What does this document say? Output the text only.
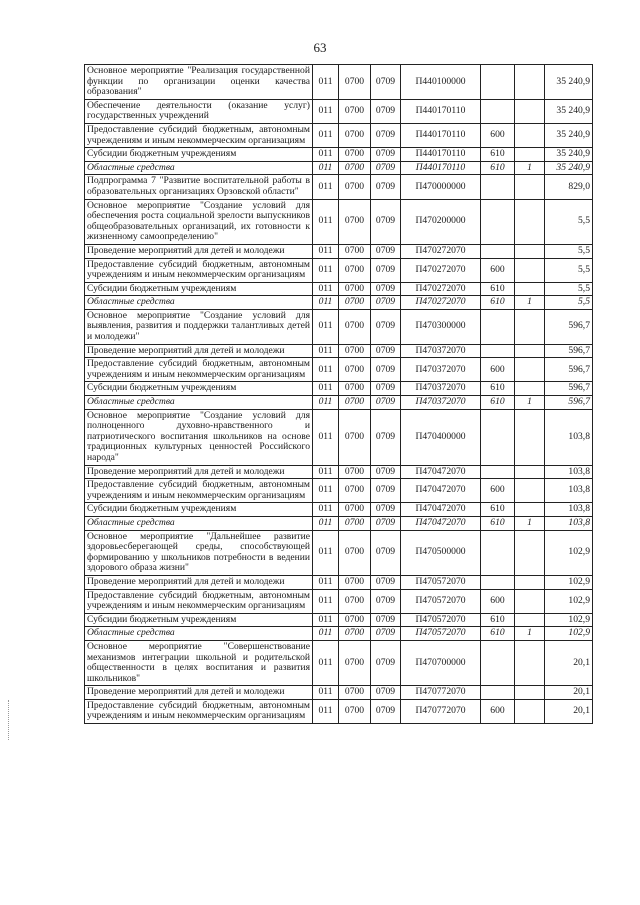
63
Основное мероприятие "Реализация государственной функции по организации оценки качества образования"	011	0700	0709	П440100000			35 240,9
Обеспечение деятельности (оказание услуг) государственных учреждений	011	0700	0709	П440170110			35 240,9
Предоставление субсидий бюджетным, автономным учреждениям и иным некоммерческим организациям	011	0700	0709	П440170110	600		35 240,9
Субсидии бюджетным учреждениям	011	0700	0709	П440170110	610		35 240,9
Областные средства	011	0700	0709	П440170110	610	1	35 240,9
Подпрограмма 7 "Развитие воспитательной работы в образовательных организациях Орзовской области"	011	0700	0709	П470000000			829,0
Основное мероприятие "Создание условий для обеспечения роста социальной зрелости выпускников общеобразовательных организаций, их готовности к жизненному самоопределению"	011	0700	0709	П470200000			5,5
Проведение мероприятий для детей и молодежи	011	0700	0709	П470272070			5,5
Предоставление субсидий бюджетным, автономным учреждениям и иным некоммерческим организациям	011	0700	0709	П470272070	600		5,5
Субсидии бюджетным учреждениям	011	0700	0709	П470272070	610		5,5
Областные средства	011	0700	0709	П470272070	610	1	5,5
Основное мероприятие "Создание условий для выявления, развития и поддержки талантливых детей и молодежи"	011	0700	0709	П470300000			596,7
Проведение мероприятий для детей и молодежи	011	0700	0709	П470372070			596,7
Предоставление субсидий бюджетным, автономным учреждениям и иным некоммерческим организациям	011	0700	0709	П470372070	600		596,7
Субсидии бюджетным учреждениям	011	0700	0709	П470372070	610		596,7
Областные средства	011	0700	0709	П470372070	610	1	596,7
Основное мероприятие "Создание условий для полноценного духовно-нравственного и патриотического воспитания школьников на основе традиционных культурных ценностей Российского народа"	011	0700	0709	П470400000			103,8
Проведение мероприятий для детей и молодежи	011	0700	0709	П470472070			103,8
Предоставление субсидий бюджетным, автономным учреждениям и иным некоммерческим организациям	011	0700	0709	П470472070	600		103,8
Субсидии бюджетным учреждениям	011	0700	0709	П470472070	610		103,8
Областные средства	011	0700	0709	П470472070	610	1	103,8
Основное мероприятие "Дальнейшее развитие здоровьесберегающей среды, способствующей формированию у школьников потребности в ведении здорового образа жизни"	011	0700	0709	П470500000			102,9
Проведение мероприятий для детей и молодежи	011	0700	0709	П470572070			102,9
Предоставление субсидий бюджетным, автономным учреждениям и иным некоммерческим организациям	011	0700	0709	П470572070	600		102,9
Субсидии бюджетным учреждениям	011	0700	0709	П470572070	610		102,9
Областные средства	011	0700	0709	П470572070	610	1	102,9
Основное мероприятие "Совершенствование механизмов интеграции школьной и родительской общественности в целях воспитания и развития школьников"	011	0700	0709	П470700000			20,1
Проведение мероприятий для детей и молодежи	011	0700	0709	П470772070			20,1
Предоставление субсидий бюджетным, автономным учреждениям и иным некоммерческим организациям	011	0700	0709	П470772070	600		20,1
